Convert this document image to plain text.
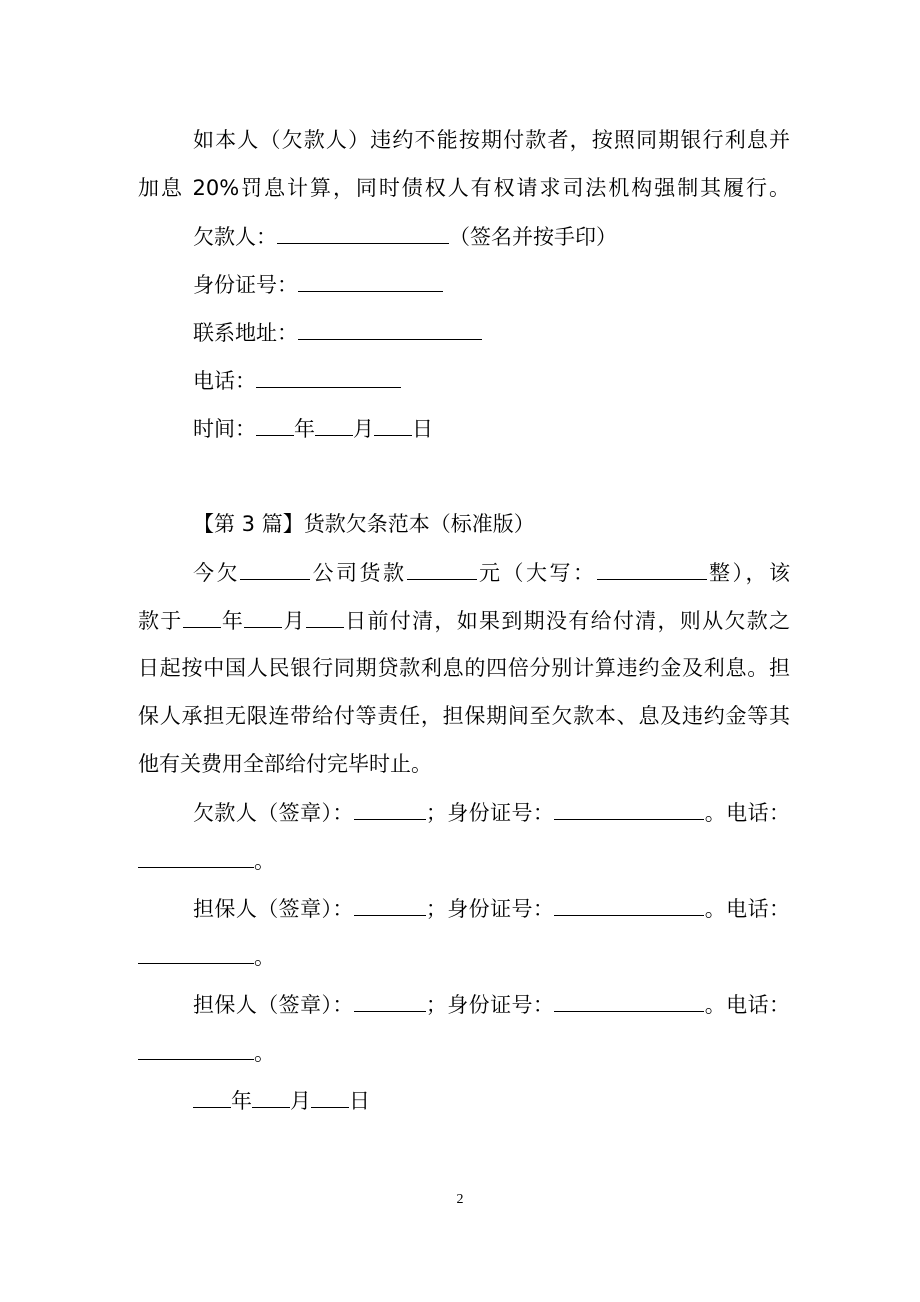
如本人（欠款人）违约不能按期付款者，按照同期银行利息并
加息 20%罚息计算，同时债权人有权请求司法机构强制其履行。
欠款人：	（签名并按手印）
身份证号：
联系地址：
电话：
时间： 年 月 日
【第 3 篇】货款欠条范本（标准版）
今欠	公司货款	元（大写：	整），该
款于 年 月 日前付清，如果到期没有给付清，则从欠款之
日起按中国人民银行同期贷款利息的四倍分别计算违约金及利息。担
保人承担无限连带给付等责任，担保期间至欠款本、息及违约金等其
他有关费用全部给付完毕时止。
欠款人（签章）：	；身份证号：	。电话：
。
担保人（签章）：	；身份证号：	。电话：
。
担保人（签章）：	；身份证号：	。电话：
。
年 月 日
2
